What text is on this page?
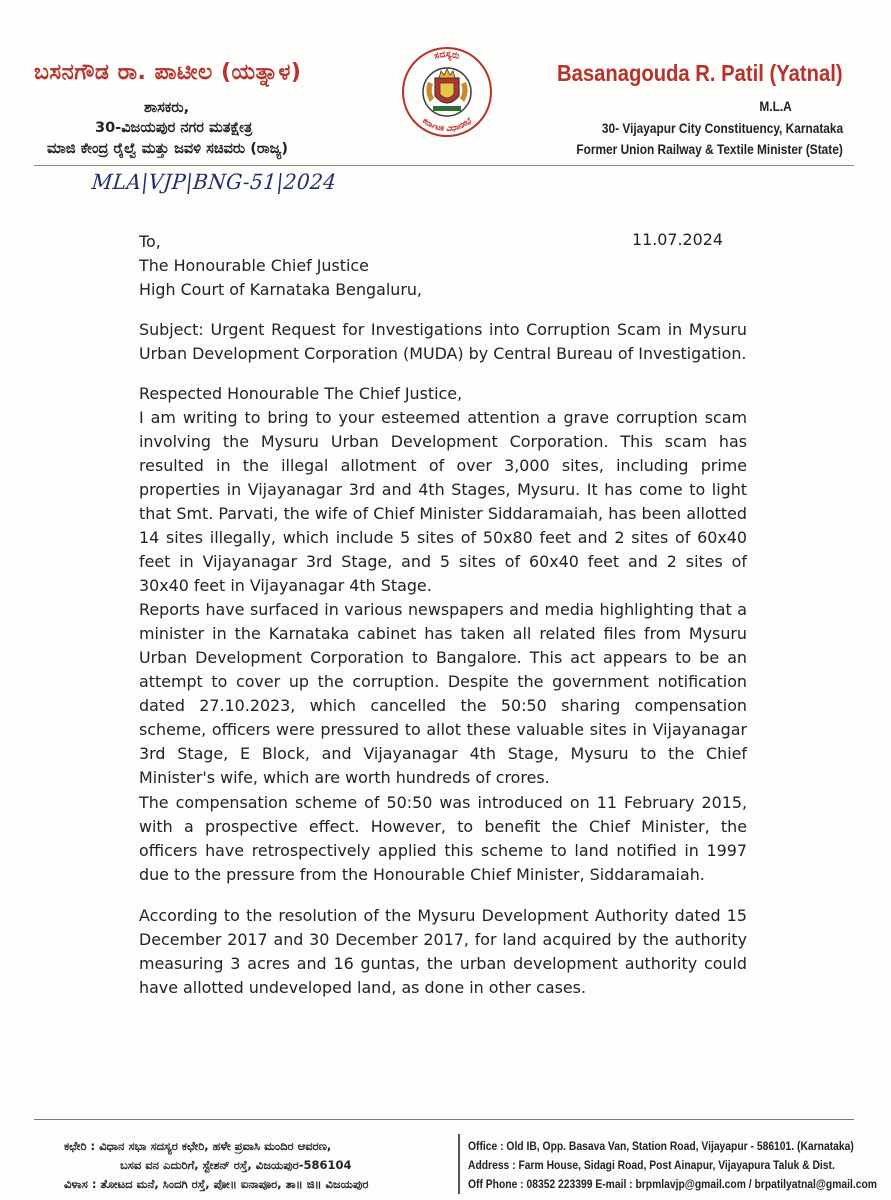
ಬಸನಗೌಡ ರಾ. ಪಾಟೀಲ (ಯತ್ನಾಳ)
ಶಾಸಕರು,
30-ವಿಜಯಪುರ ನಗರ ಮತಕ್ಷೇತ್ರ
ಮಾಜಿ ಕೇಂದ್ರ ರೈಲ್ವೆ ಮತ್ತು ಜವಳಿ ಸಚಿವರು (ರಾಜ್ಯ)
ಸದಸ್ಯರು
ಕರ್ನಾಟಕ ವಿಧಾನಸಭೆ
Basanagouda R. Patil (Yatnal)
M.L.A
30- Vijayapur City Constituency, Karnataka
Former Union Railway & Textile Minister (State)
MLA|VJP|BNG-51|2024
11.07.2024
To,
The Honourable Chief Justice
High Court of Karnataka Bengaluru,
Subject: Urgent Request for Investigations into Corruption Scam in Mysuru Urban Development Corporation (MUDA) by Central Bureau of Investigation.
Respected Honourable The Chief Justice,
I am writing to bring to your esteemed attention a grave corruption scam involving the Mysuru Urban Development Corporation. This scam has resulted in the illegal allotment of over 3,000 sites, including prime properties in Vijayanagar 3rd and 4th Stages, Mysuru. It has come to light that Smt. Parvati, the wife of Chief Minister Siddaramaiah, has been allotted 14 sites illegally, which include 5 sites of 50x80 feet and 2 sites of 60x40 feet in Vijayanagar 3rd Stage, and 5 sites of 60x40 feet and 2 sites of 30x40 feet in Vijayanagar 4th Stage.
Reports have surfaced in various newspapers and media highlighting that a minister in the Karnataka cabinet has taken all related files from Mysuru Urban Development Corporation to Bangalore. This act appears to be an attempt to cover up the corruption. Despite the government notification dated 27.10.2023, which cancelled the 50:50 sharing compensation scheme, officers were pressured to allot these valuable sites in Vijayanagar 3rd Stage, E Block, and Vijayanagar 4th Stage, Mysuru to the Chief Minister's wife, which are worth hundreds of crores.
The compensation scheme of 50:50 was introduced on 11 February 2015, with a prospective effect. However, to benefit the Chief Minister, the officers have retrospectively applied this scheme to land notified in 1997 due to the pressure from the Honourable Chief Minister, Siddaramaiah.
According to the resolution of the Mysuru Development Authority dated 15 December 2017 and 30 December 2017, for land acquired by the authority measuring 3 acres and 16 guntas, the urban development authority could have allotted undeveloped land, as done in other cases.
ಕಛೇರಿ : ವಿಧಾನ ಸಭಾ ಸದಸ್ಯರ ಕಛೇರಿ, ಹಳೇ ಪ್ರವಾಸಿ ಮಂದಿರ ಆವರಣ,
ಬಸವ ವನ ಎದುರಿಗೆ, ಸ್ಟೇಶನ್ ರಸ್ತೆ, ವಿಜಯಪುರ-586104
ವಿಳಾಸ : ತೋಟದ ಮನೆ, ಸಿಂದಗಿ ರಸ್ತೆ, ಪೋ॥ ಐನಾಪೂರ, ತಾ॥ ಜಿ॥ ವಿಜಯಪುರ
Office : Old IB, Opp. Basava Van, Station Road, Vijayapur - 586101. (Karnataka)
Address : Farm House, Sidagi Road, Post Ainapur, Vijayapura Taluk & Dist.
Off Phone : 08352 223399 E-mail : brpmlavjp@gmail.com / brpatilyatnal@gmail.com
